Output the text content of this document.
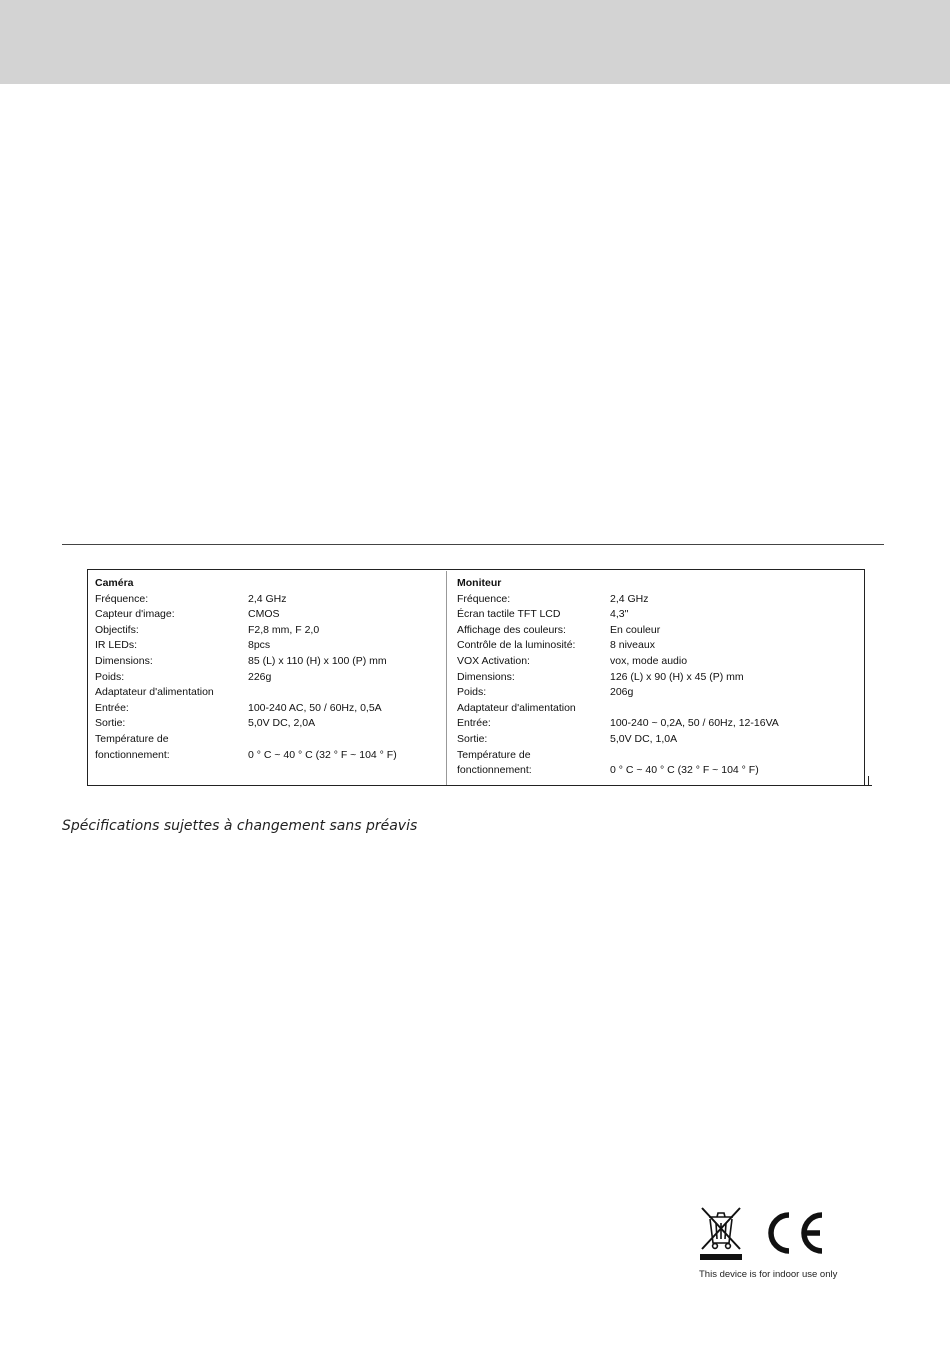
Caméra
Fréquence:	2,4 GHz
Capteur d'image:	CMOS
Objectifs:	F2,8 mm, F 2,0
IR LEDs:	8pcs
Dimensions:	85 (L) x 110 (H) x 100 (P) mm
Poids:	226g
Adaptateur d'alimentation
Entrée:	100-240 AC, 50 / 60Hz, 0,5A
Sortie:	5,0V DC, 2,0A
Température de
fonctionnement:	0 ° C ~ 40 ° C (32 ° F ~ 104 ° F)
Moniteur
Fréquence:	2,4 GHz
Écran tactile TFT LCD	4,3"
Affichage des couleurs:	En couleur
Contrôle de la luminosité:	8 niveaux
VOX Activation:	vox, mode audio
Dimensions:	126 (L) x 90 (H) x 45 (P) mm
Poids:	206g
Adaptateur d'alimentation
Entrée:	100-240 ~ 0,2A, 50 / 60Hz, 12-16VA
Sortie:	5,0V DC, 1,0A
Température de
fonctionnement:	0 ° C ~ 40 ° C (32 ° F ~ 104 ° F)
Spécifications sujettes à changement sans préavis
This device is for indoor use only
